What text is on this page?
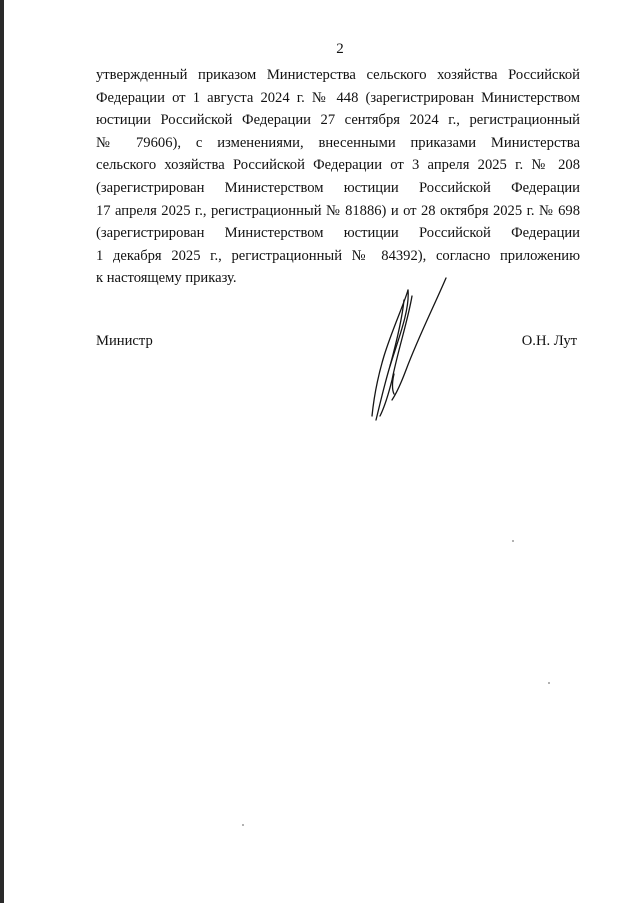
2
утвержденный приказом Министерства сельского хозяйства Российской
Федерации от 1 августа 2024 г. № 448 (зарегистрирован Министерством
юстиции Российской Федерации 27 сентября 2024 г., регистрационный
№ 79606), с изменениями, внесенными приказами Министерства
сельского хозяйства Российской Федерации от 3 апреля 2025 г. № 208
(зарегистрирован Министерством юстиции Российской Федерации
17 апреля 2025 г., регистрационный № 81886) и от 28 октября 2025 г. № 698
(зарегистрирован Министерством юстиции Российской Федерации
1 декабря 2025 г., регистрационный № 84392), согласно приложению
к настоящему приказу.
Министр	О.Н. Лут
